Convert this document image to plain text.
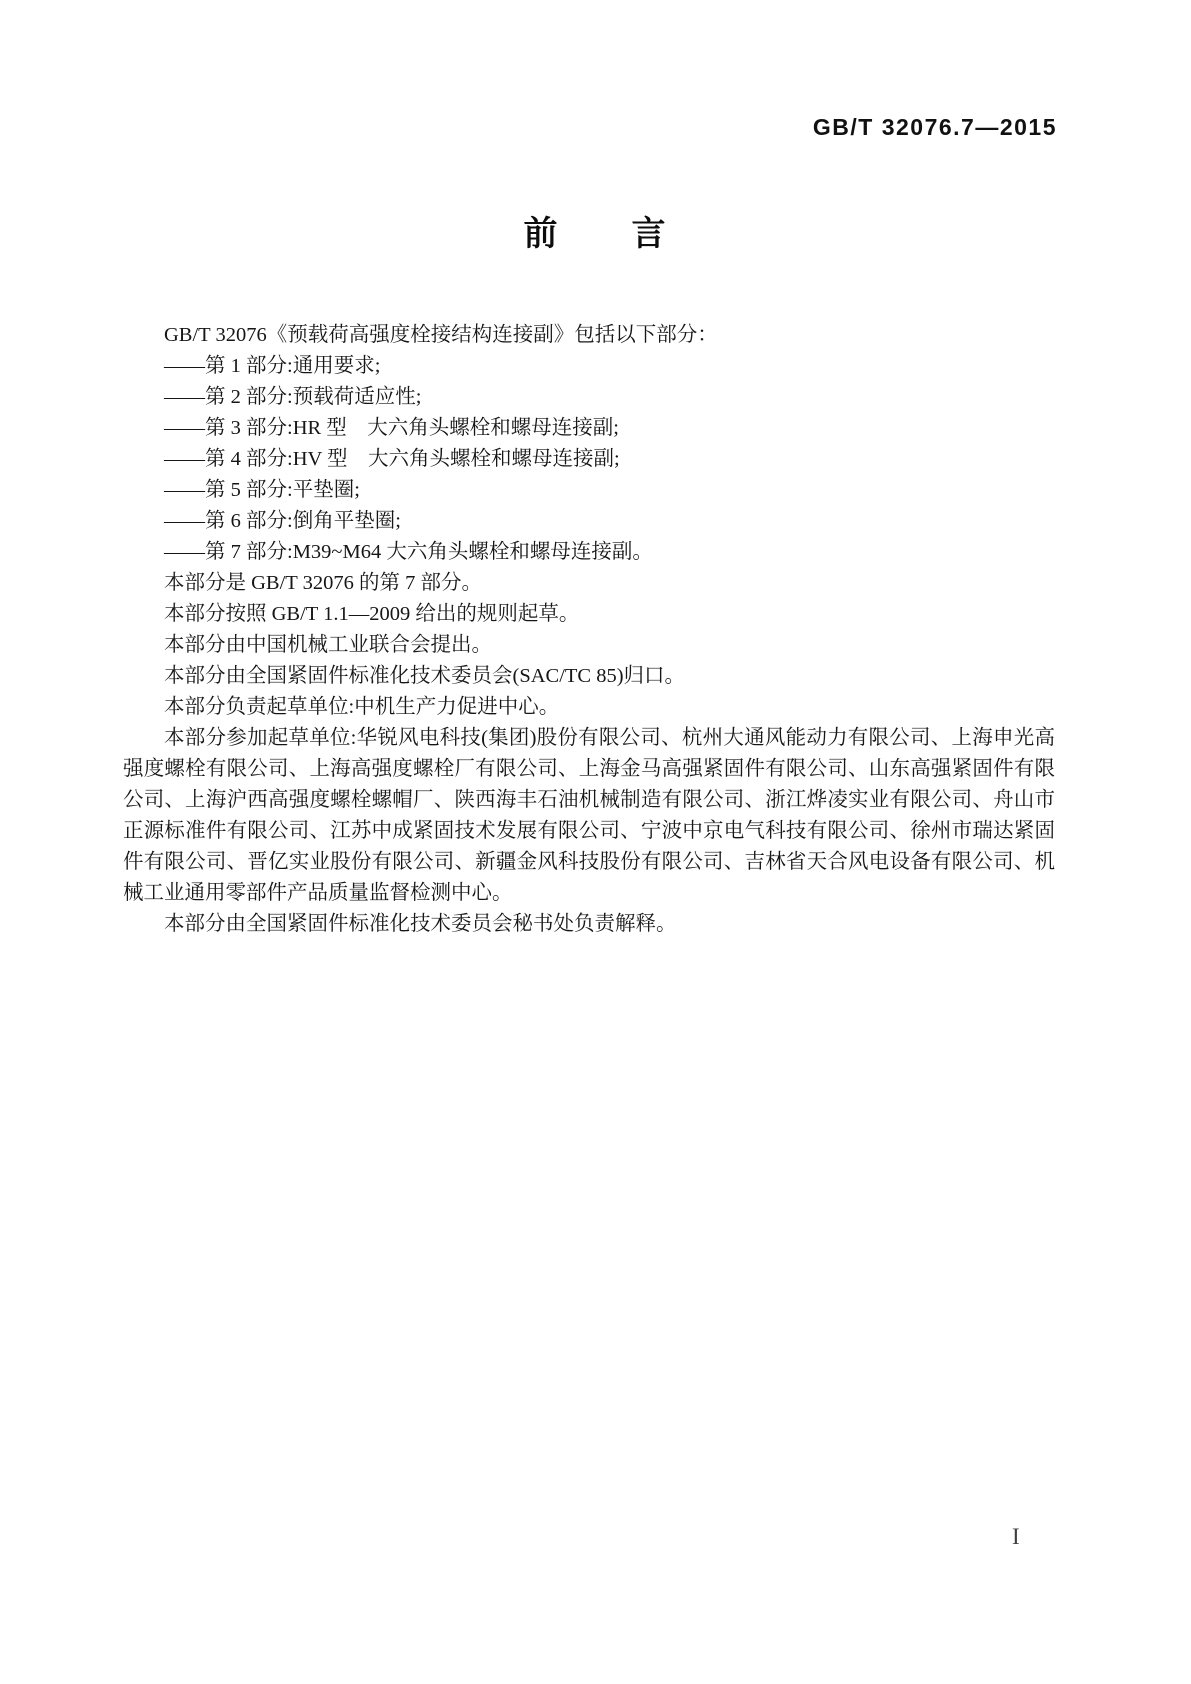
GB/T 32076.7—2015
前　　言

GB/T 32076《预载荷高强度栓接结构连接副》包括以下部分：

——第 1 部分:通用要求;

——第 2 部分:预载荷适应性;

——第 3 部分:HR 型　大六角头螺栓和螺母连接副;

——第 4 部分:HV 型　大六角头螺栓和螺母连接副;

——第 5 部分:平垫圈;

——第 6 部分:倒角平垫圈;

——第 7 部分:M39~M64 大六角头螺栓和螺母连接副。

本部分是 GB/T 32076 的第 7 部分。

本部分按照 GB/T 1.1—2009 给出的规则起草。

本部分由中国机械工业联合会提出。

本部分由全国紧固件标准化技术委员会(SAC/TC 85)归口。

本部分负责起草单位:中机生产力促进中心。

本部分参加起草单位:华锐风电科技(集团)股份有限公司、杭州大通风能动力有限公司、上海申光高强度螺栓有限公司、上海高强度螺栓厂有限公司、上海金马高强紧固件有限公司、山东高强紧固件有限公司、上海沪西高强度螺栓螺帽厂、陕西海丰石油机械制造有限公司、浙江烨凌实业有限公司、舟山市正源标准件有限公司、江苏中成紧固技术发展有限公司、宁波中京电气科技有限公司、徐州市瑞达紧固件有限公司、晋亿实业股份有限公司、新疆金风科技股份有限公司、吉林省天合风电设备有限公司、机械工业通用零部件产品质量监督检测中心。

本部分由全国紧固件标准化技术委员会秘书处负责解释。

I
